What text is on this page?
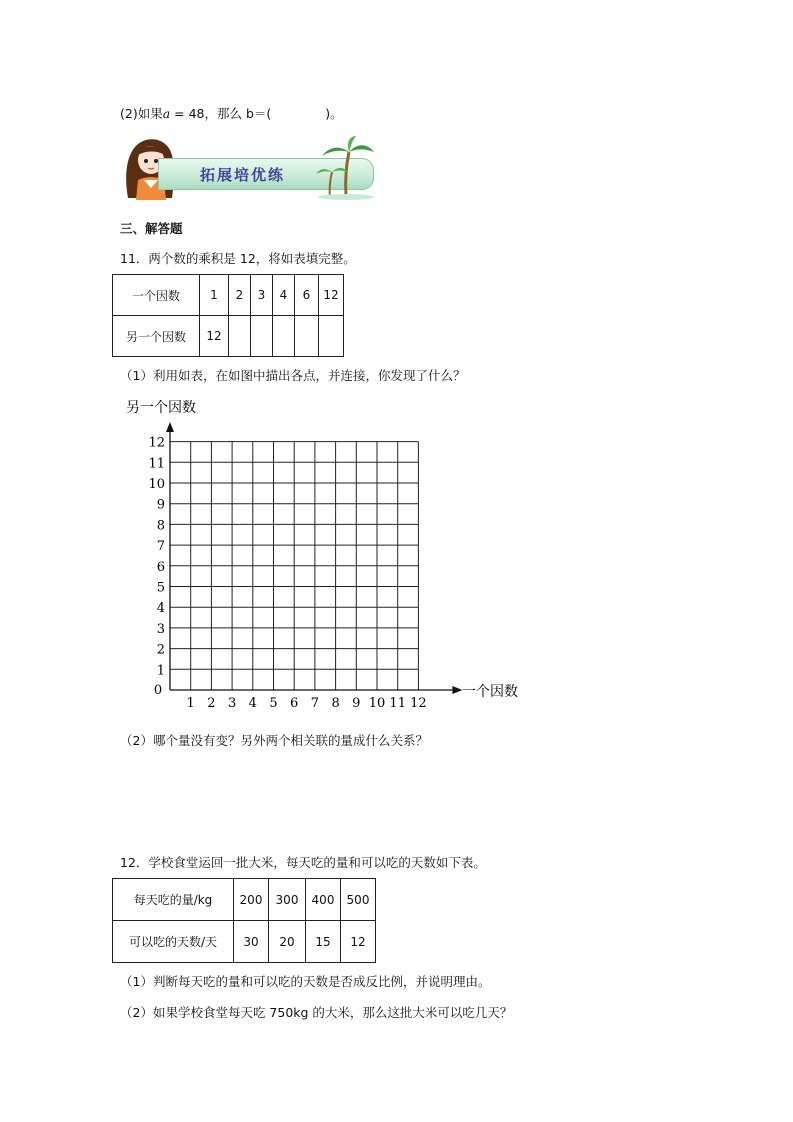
(2)如果a = 48，那么 b＝(	)。
拓展培优练
三、解答题
11．两个数的乘积是 12，将如表填完整。
一个因数	1	2	3	4	6	12
另一个因数	12					
（1）利用如表，在如图中描出各点，并连接，你发现了什么？
另一个因数
一个因数
0
1 2 3 4 5 6 7 8 9 10 11 12
1
2
3
4
5
6
7
8
9
10
11
12
（2）哪个量没有变？另外两个相关联的量成什么关系？
12．学校食堂运回一批大米，每天吃的量和可以吃的天数如下表。
每天吃的量/kg	200	300	400	500
可以吃的天数/天	30	20	15	12
（1）判断每天吃的量和可以吃的天数是否成反比例，并说明理由。
（2）如果学校食堂每天吃 750kg 的大米，那么这批大米可以吃几天？
